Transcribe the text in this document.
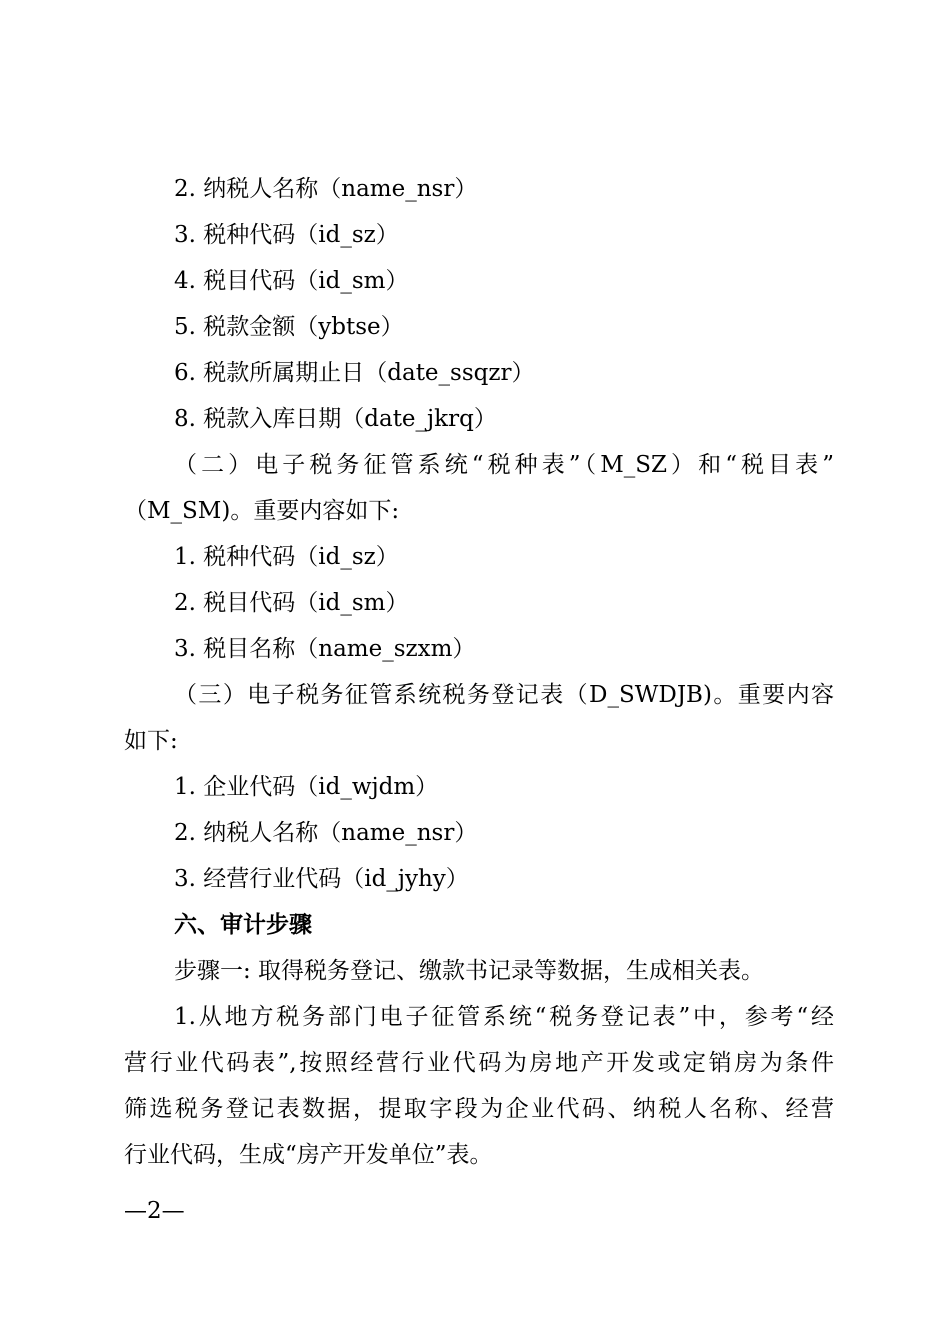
2. 纳税人名称（name_nsr）
3. 税种代码（id_sz）
4. 税目代码（id_sm）
5. 税款金额（ybtse）
6. 税款所属期止日（date_ssqzr）
8. 税款入库日期（date_jkrq）
（二）电子税务征管系统“税种表”（M_SZ）和“税目表”
（M_SM)。重要内容如下:
1. 税种代码（id_sz）
2. 税目代码（id_sm）
3. 税目名称（name_szxm）
（三）电子税务征管系统税务登记表（D_SWDJB)。重要内容
如下:
1. 企业代码（id_wjdm）
2. 纳税人名称（name_nsr）
3. 经营行业代码（id_jyhy）
六、审计步骤
步骤一: 取得税务登记、缴款书记录等数据，生成相关表。
1.从地方税务部门电子征管系统“税务登记表”中，参考“经
营行业代码表”,按照经营行业代码为房地产开发或定销房为条件
筛选税务登记表数据，提取字段为企业代码、纳税人名称、经营
行业代码，生成“房产开发单位”表。
—2—
